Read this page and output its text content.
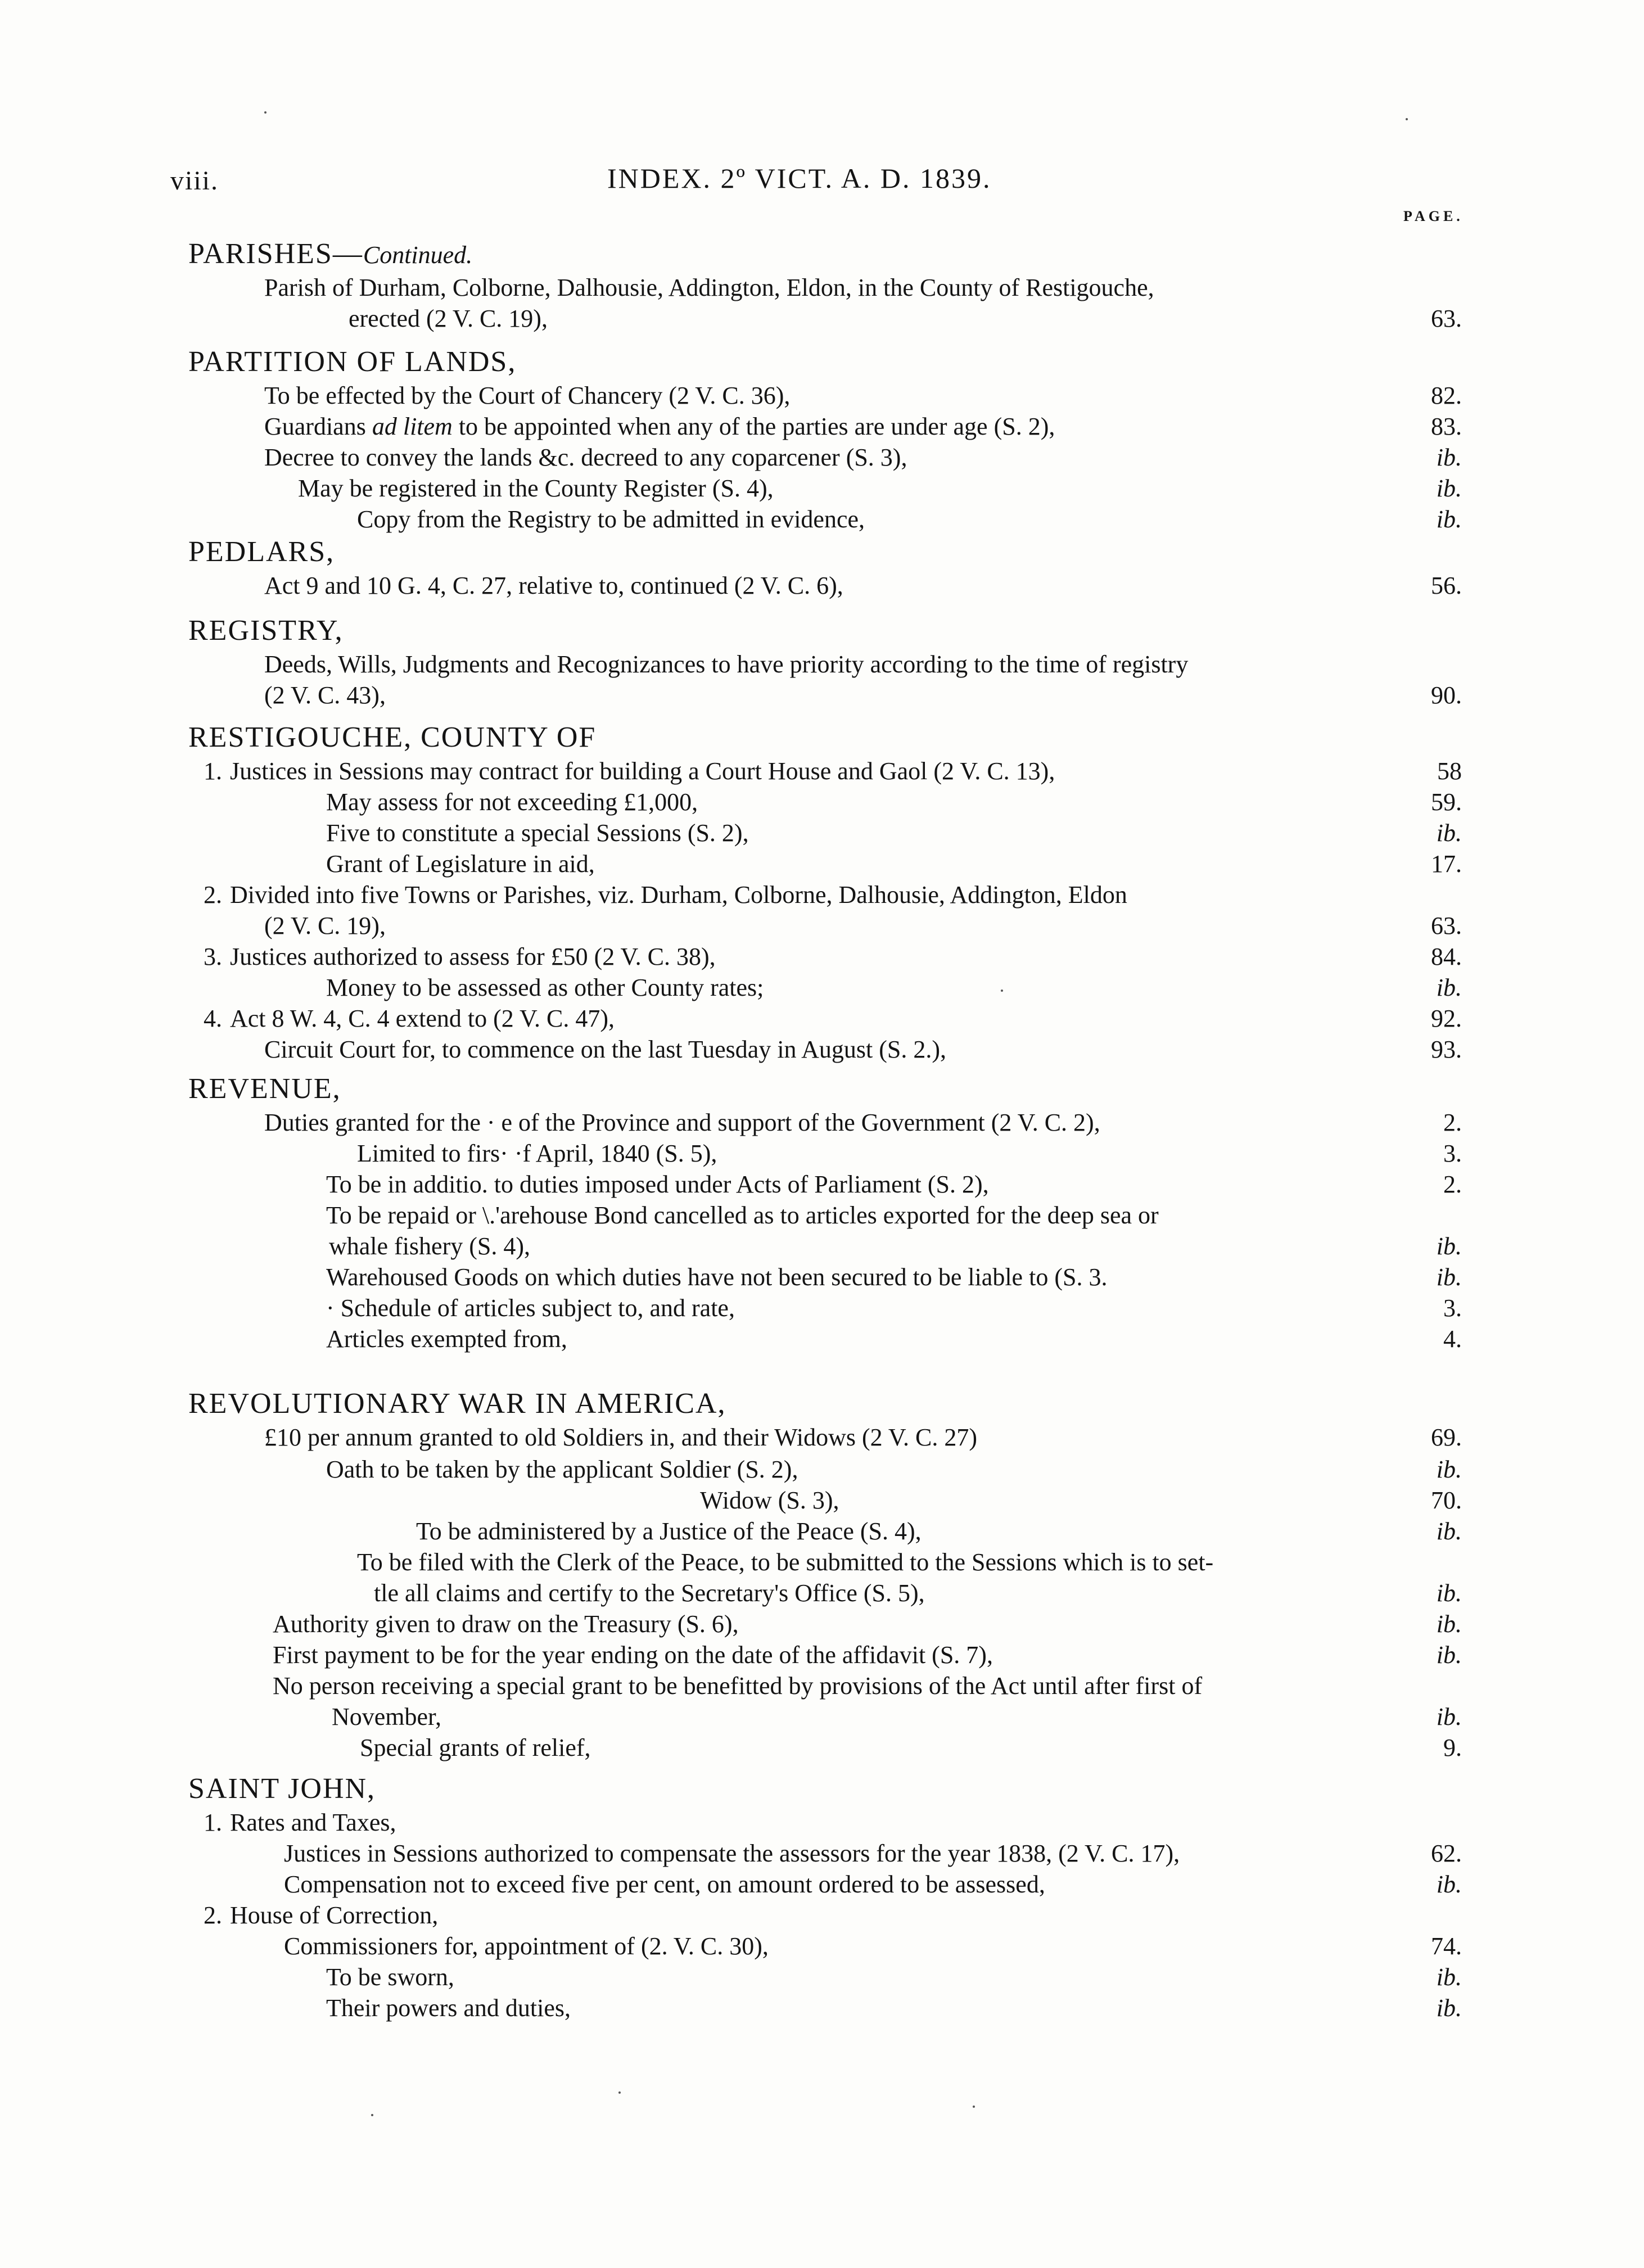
viii.	INDEX. 2º VICT. A. D. 1839.
PAGE.
PARISHES—Continued.
Parish of Durham, Colborne, Dalhousie, Addington, Eldon, in the County of Restigouche,
erected (2 V. C. 19),	63.
PARTITION OF LANDS,
To be effected by the Court of Chancery (2 V. C. 36),	82.
Guardians ad litem to be appointed when any of the parties are under age (S. 2),	83.
Decree to convey the lands &c. decreed to any coparcener (S. 3),	ib.
May be registered in the County Register (S. 4),	ib.
Copy from the Registry to be admitted in evidence,	ib.
PEDLARS,
Act 9 and 10 G. 4, C. 27, relative to, continued (2 V. C. 6),	56.
REGISTRY,
Deeds, Wills, Judgments and Recognizances to have priority according to the time of registry
(2 V. C. 43),	90.
RESTIGOUCHE, COUNTY OF
1. Justices in Sessions may contract for building a Court House and Gaol (2 V. C. 13),	58
May assess for not exceeding £1,000,	59.
Five to constitute a special Sessions (S. 2),	ib.
Grant of Legislature in aid,	17.
2. Divided into five Towns or Parishes, viz. Durham, Colborne, Dalhousie, Addington, Eldon
(2 V. C. 19),	63.
3. Justices authorized to assess for £50 (2 V. C. 38),	84.
Money to be assessed as other County rates;	ib.
4. Act 8 W. 4, C. 4 extend to (2 V. C. 47),	92.
Circuit Court for, to commence on the last Tuesday in August (S. 2.),	93.
REVENUE,
Duties granted for the · e of the Province and support of the Government (2 V. C. 2),	2.
Limited to firs· ·f April, 1840 (S. 5),	3.
To be in additio. to duties imposed under Acts of Parliament (S. 2),	2.
To be repaid or \.'arehouse Bond cancelled as to articles exported for the deep sea or
whale fishery (S. 4),	ib.
Warehoused Goods on which duties have not been secured to be liable to (S. 3.	ib.
· Schedule of articles subject to, and rate,	3.
Articles exempted from,	4.
REVOLUTIONARY WAR IN AMERICA,
£10 per annum granted to old Soldiers in, and their Widows (2 V. C. 27)	69.
Oath to be taken by the applicant Soldier (S. 2),	ib.
Widow (S. 3),	70.
To be administered by a Justice of the Peace (S. 4),	ib.
To be filed with the Clerk of the Peace, to be submitted to the Sessions which is to set-
tle all claims and certify to the Secretary's Office (S. 5),	ib.
Authority given to draw on the Treasury (S. 6),	ib.
First payment to be for the year ending on the date of the affidavit (S. 7),	ib.
No person receiving a special grant to be benefitted by provisions of the Act until after first of
November,	ib.
Special grants of relief,	9.
SAINT JOHN,
1. Rates and Taxes,
Justices in Sessions authorized to compensate the assessors for the year 1838, (2 V. C. 17),	62.
Compensation not to exceed five per cent, on amount ordered to be assessed,	ib.
2. House of Correction,
Commissioners for, appointment of (2. V. C. 30),	74.
To be sworn,	ib.
Their powers and duties,	ib.
